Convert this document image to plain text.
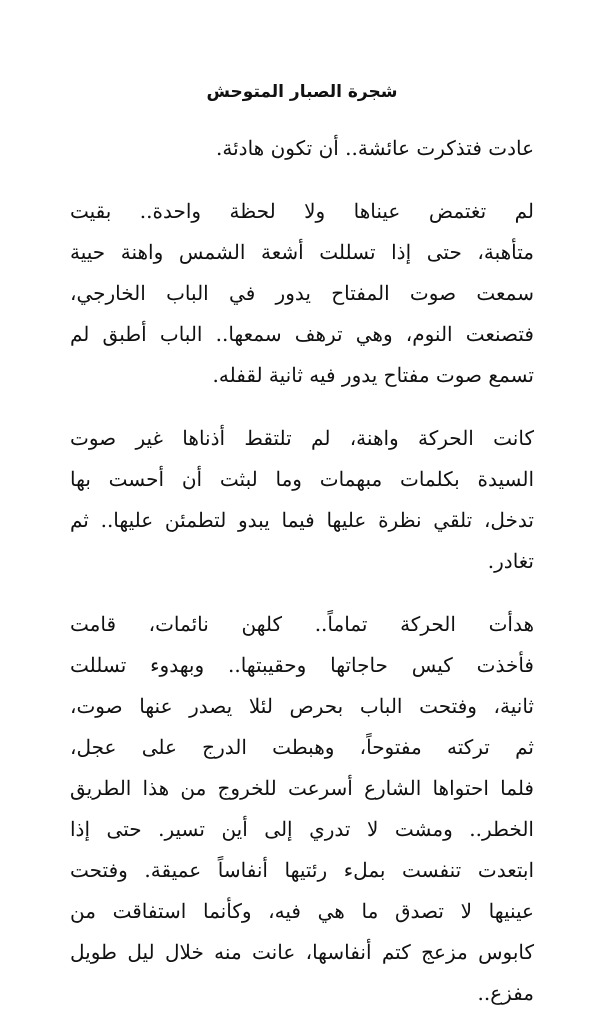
شجرة الصبار المتوحش

عادت فتذكرت عائشة.. أن تكون هادئة.

لم تغتمض عيناها ولا لحظة واحدة.. بقيت
متأهبة، حتى إذا تسللت أشعة الشمس واهنة حيية
سمعت صوت المفتاح يدور في الباب الخارجي،
فتصنعت النوم، وهي ترهف سمعها.. الباب أطبق لم
تسمع صوت مفتاح يدور فيه ثانية لقفله.

كانت الحركة واهنة، لم تلتقط أذناها غير صوت
السيدة بكلمات مبهمات وما لبثت أن أحست بها
تدخل، تلقي نظرة عليها فيما يبدو لتطمئن عليها.. ثم
تغادر.

هدأت الحركة تماماً.. كلهن نائمات، قامت
فأخذت كيس حاجاتها وحقيبتها.. وبهدوء تسللت
ثانية، وفتحت الباب بحرص لئلا يصدر عنها صوت،
ثم تركته مفتوحاً، وهبطت الدرج على عجل،
فلما احتواها الشارع أسرعت للخروج من هذا الطريق
الخطر.. ومشت لا تدري إلى أين تسير. حتى إذا
ابتعدت تنفست بملء رئتيها أنفاساً عميقة. وفتحت
عينيها لا تصدق ما هي فيه، وكأنما استفاقت من
كابوس مزعج كتم أنفاسها، عانت منه خلال ليل طويل
مفزع..
